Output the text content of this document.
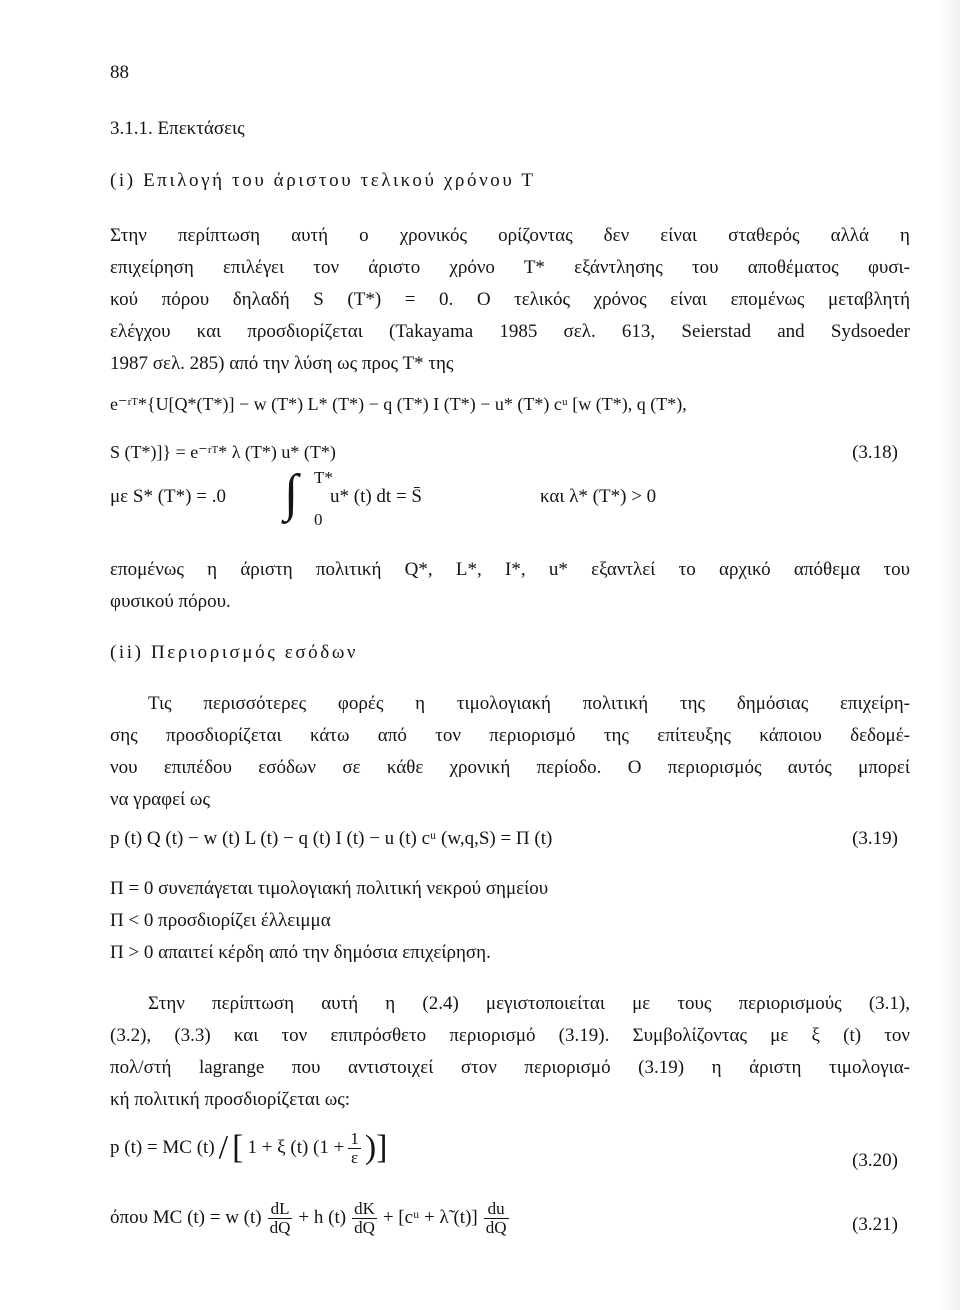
88
3.1.1. Επεκτάσεις
(i) Επιλογή του άριστου τελικού χρόνου Τ
Στην περίπτωση αυτή ο χρονικός ορίζοντας δεν είναι σταθερός αλλά η
επιχείρηση επιλέγει τον άριστο χρόνο Τ* εξάντλησης του αποθέματος φυσι-
κού πόρου δηλαδή S (T*) = 0. Ο τελικός χρόνος είναι επομένως μεταβλητή
ελέγχου και προσδιορίζεται (Takayama 1985 σελ. 613, Seierstad and Sydsoeder
1987 σελ. 285) από την λύση ως προς Τ* της
e⁻ʳᵀ*{U[Q*(T*)] − w (T*) L* (T*) − q (T*) I (T*) − u* (T*) cᵘ [w (T*), q (T*),
S (T*)]} = e⁻ʳᵀ* λ (T*) u* (T*)	(3.18)
με S* (T*) = .0 ∫ T*
0
u* (t) dt = S̄	και λ* (T*) > 0
επομένως η άριστη πολιτική Q*, L*, I*, u* εξαντλεί το αρχικό απόθεμα του
φυσικού πόρου.
(ii) Περιορισμός εσόδων
Τις περισσότερες φορές η τιμολογιακή πολιτική της δημόσιας επιχείρη-
σης προσδιορίζεται κάτω από τον περιορισμό της επίτευξης κάποιου δεδομέ-
νου επιπέδου εσόδων σε κάθε χρονική περίοδο. Ο περιορισμός αυτός μπορεί
να γραφεί ως
p (t) Q (t) − w (t) L (t) − q (t) I (t) − u (t) cᵘ (w,q,S) = Π (t)	(3.19)
Π = 0 συνεπάγεται τιμολογιακή πολιτική νεκρού σημείου
Π < 0 προσδιορίζει έλλειμμα
Π > 0 απαιτεί κέρδη από την δημόσια επιχείρηση.
Στην περίπτωση αυτή η (2.4) μεγιστοποιείται με τους περιορισμούς (3.1),
(3.2), (3.3) και τον επιπρόσθετο περιορισμό (3.19). Συμβολίζοντας με ξ (t) τον
πολ/στή lagrange που αντιστοιχεί στον περιορισμό (3.19) η άριστη τιμολογια-
κή πολιτική προσδιορίζεται ως:
p (t) = MC (t) / [ 1 + ξ (t) ($1 + \frac{1}{\varepsilon}$ )]	(3.20)
όπου MC (t) = w $(t) \frac{dL}{dQ} + h$ $(t) \frac{dK}{dQ}$ + [cᵘ + λ̃ $(t)] \frac{du}{dQ}$	(3.21)
